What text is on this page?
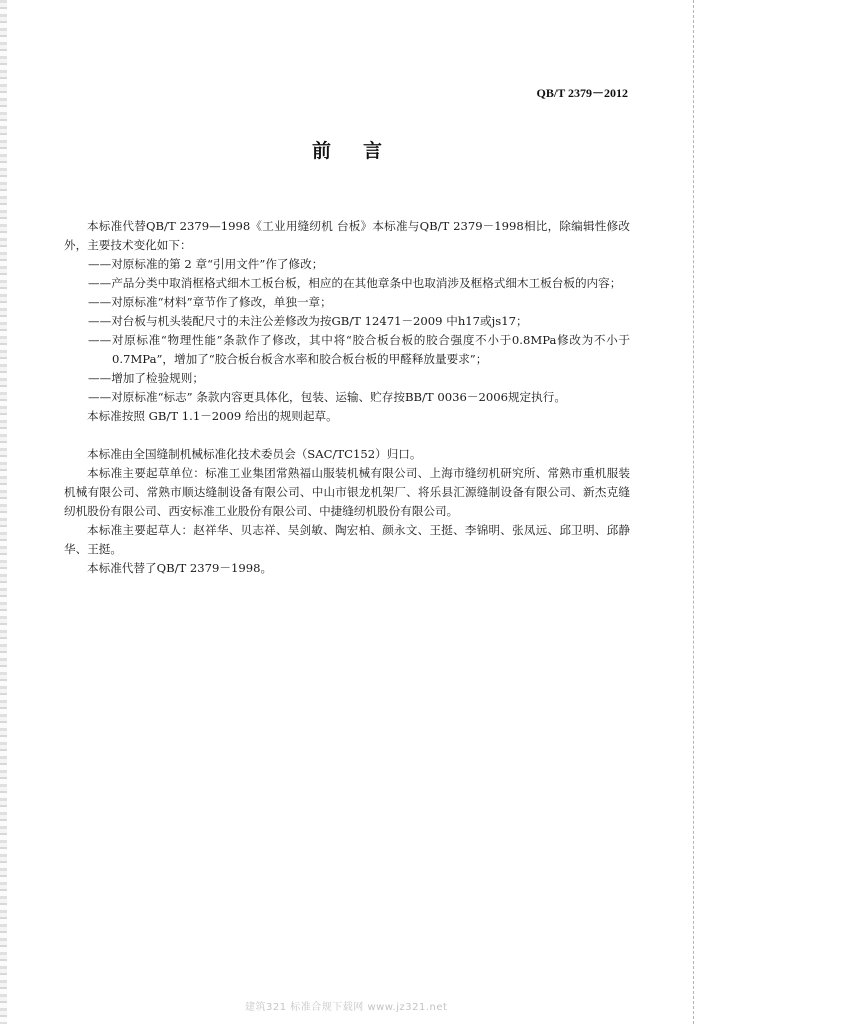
QB/T 2379－2012
前 言

本标准代替QB/T 2379—1998《工业用缝纫机 台板》本标准与QB/T 2379－1998相比，除编辑性修改外，主要技术变化如下：

——对原标准的第 2 章“引用文件”作了修改；

——产品分类中取消框格式细木工板台板，相应的在其他章条中也取消涉及框格式细木工板台板的内容；

——对原标准“材料”章节作了修改，单独一章；

——对台板与机头装配尺寸的未注公差修改为按GB/T 12471－2009 中h17或js17；

——对原标准“物理性能”条款作了修改，其中将“胶合板台板的胶合强度不小于0.8MPa修改为不小于0.7MPa”，增加了“胶合板台板含水率和胶合板台板的甲醛释放量要求”；

——增加了检验规则；

——对原标准“标志” 条款内容更具体化，包装、运输、贮存按BB/T 0036－2006规定执行。

本标准按照 GB/T 1.1－2009 给出的规则起草。

本标准由全国缝制机械标准化技术委员会（SAC/TC152）归口。

本标准主要起草单位：标准工业集团常熟福山服装机械有限公司、上海市缝纫机研究所、常熟市重机服装机械有限公司、常熟市顺达缝制设备有限公司、中山市银龙机架厂、将乐县汇源缝制设备有限公司、新杰克缝纫机股份有限公司、西安标准工业股份有限公司、中捷缝纫机股份有限公司。

本标准主要起草人：赵祥华、贝志祥、吴剑敏、陶宏柏、颜永文、王挺、李锦明、张凤远、邱卫明、邱静华、王挺。

本标准代替了QB/T 2379－1998。

建筑321 标准合规下载网 www.jz321.net
